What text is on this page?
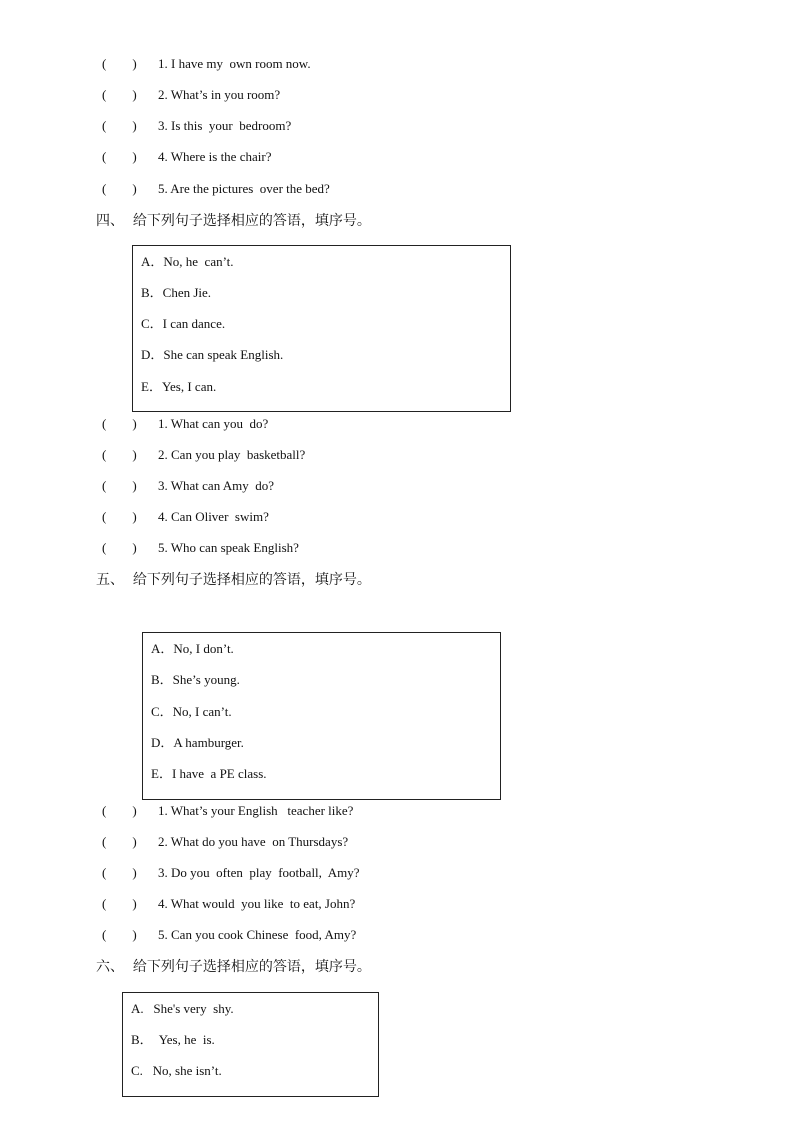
( ) 1. I have my  own room now.
( ) 2. What’s in you room?
( ) 3. Is this  your  bedroom?
( ) 4. Where is the chair?
( ) 5. Are the pictures  over the bed?
四、  给下列句子选择相应的答语，填序号。
A．No, he  can’t.
B．Chen Jie.
C．I can dance.
D．She can speak English.
E．Yes, I can.
( ) 1. What can you  do?
( ) 2. Can you play  basketball?
( ) 3. What can Amy  do?
( ) 4. Can Oliver  swim?
( ) 5. Who can speak English?
五、  给下列句子选择相应的答语，填序号。
A．No, I don’t.
B．She’s young.
C．No, I can’t.
D．A hamburger.
E．I have  a PE class.
( ) 1. What’s your English   teacher like?
( ) 2. What do you have  on Thursdays?
( ) 3. Do you  often  play  football,  Amy?
( ) 4. What would  you like  to eat, John?
( ) 5. Can you cook Chinese  food, Amy?
六、  给下列句子选择相应的答语，填序号。
A.   She's very  shy.
B．  Yes, he  is.
C.   No, she isn’t.
